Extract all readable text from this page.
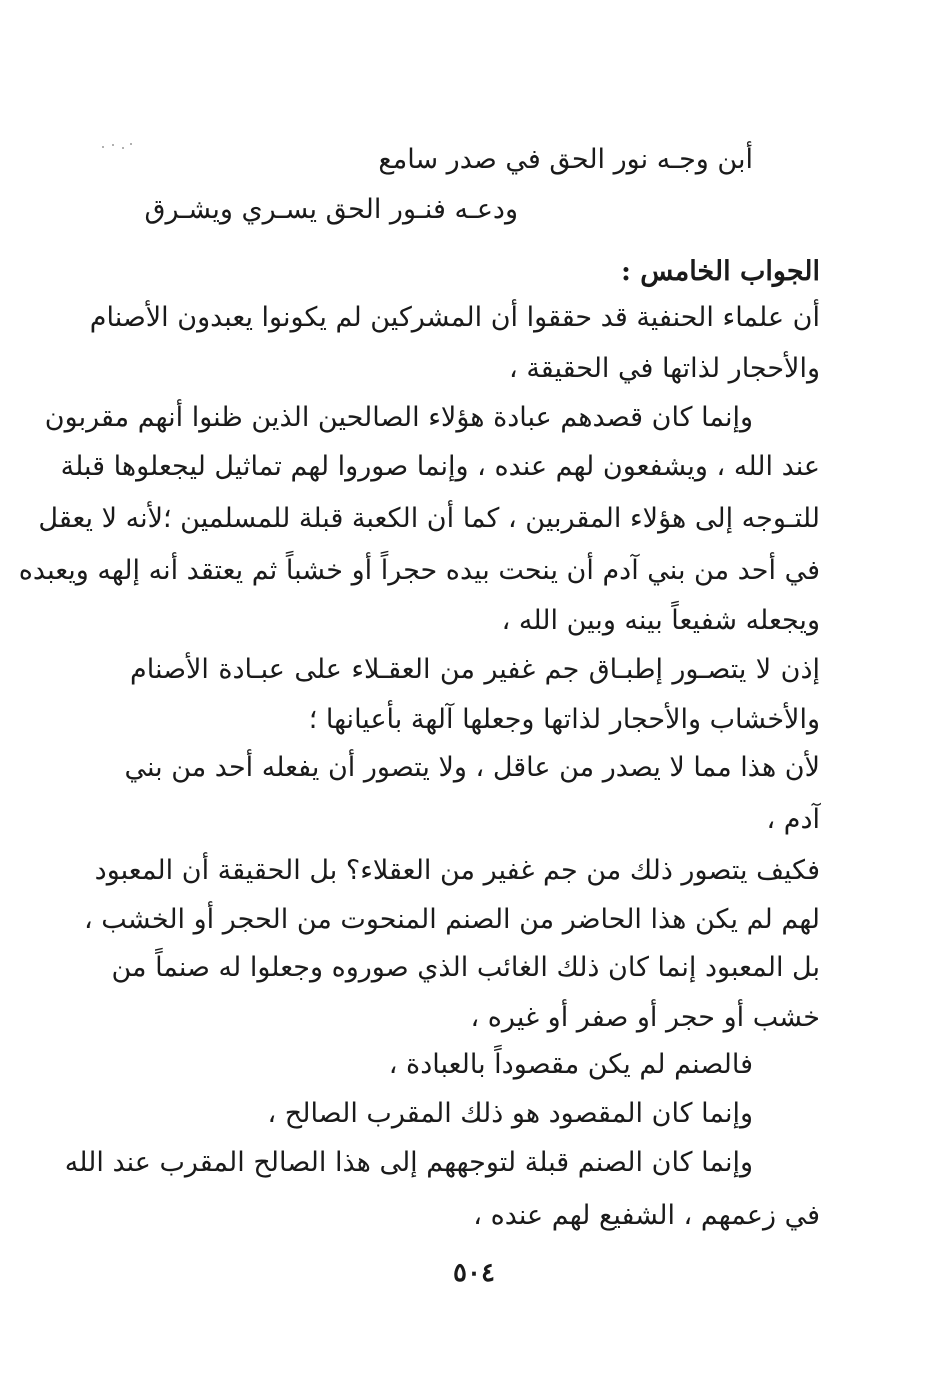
أبن وجـه نور الحق في صدر سامع
ودعـه فنـور الحق يسـري ويشـرق
الجواب الخامس :
أن علماء الحنفية قد حققوا أن المشركين لم يكونوا يعبدون الأصنام
والأحجار لذاتها في الحقيقة ،
وإنما كان قصدهم عبادة هؤلاء الصالحين الذين ظنوا أنهم مقربون
عند الله ، ويشفعون لهم عنده ، وإنما صوروا لهم تماثيل ليجعلوها قبلة
للتـوجه إلى هؤلاء المقربين ، كما أن الكعبة قبلة للمسلمين ؛لأنه لا يعقل
في أحد من بني آدم أن ينحت بيده حجراً أو خشباً ثم يعتقد أنه إلهه ويعبده
ويجعله شفيعاً بينه وبين الله ،
إذن لا يتصـور إطبـاق جم غفير من العقـلاء على عبـادة الأصنام
والأخشاب والأحجار لذاتها وجعلها آلهة بأعيانها ؛
لأن هذا مما لا يصدر من عاقل ، ولا يتصور أن يفعله أحد من بني
آدم ،
فكيف يتصور ذلك من جم غفير من العقلاء؟ بل الحقيقة أن المعبود
لهم لم يكن هذا الحاضر من الصنم المنحوت من الحجر أو الخشب ،
بل المعبود إنما كان ذلك الغائب الذي صوروه وجعلوا له صنماً من
خشب أو حجر أو صفر أو غيره ،
فالصنم لم يكن مقصوداً بالعبادة ،
وإنما كان المقصود هو ذلك المقرب الصالح ،
وإنما كان الصنم قبلة لتوجههم إلى هذا الصالح المقرب عند الله
في زعمهم ، الشفيع لهم عنده ،
٥٠٤
